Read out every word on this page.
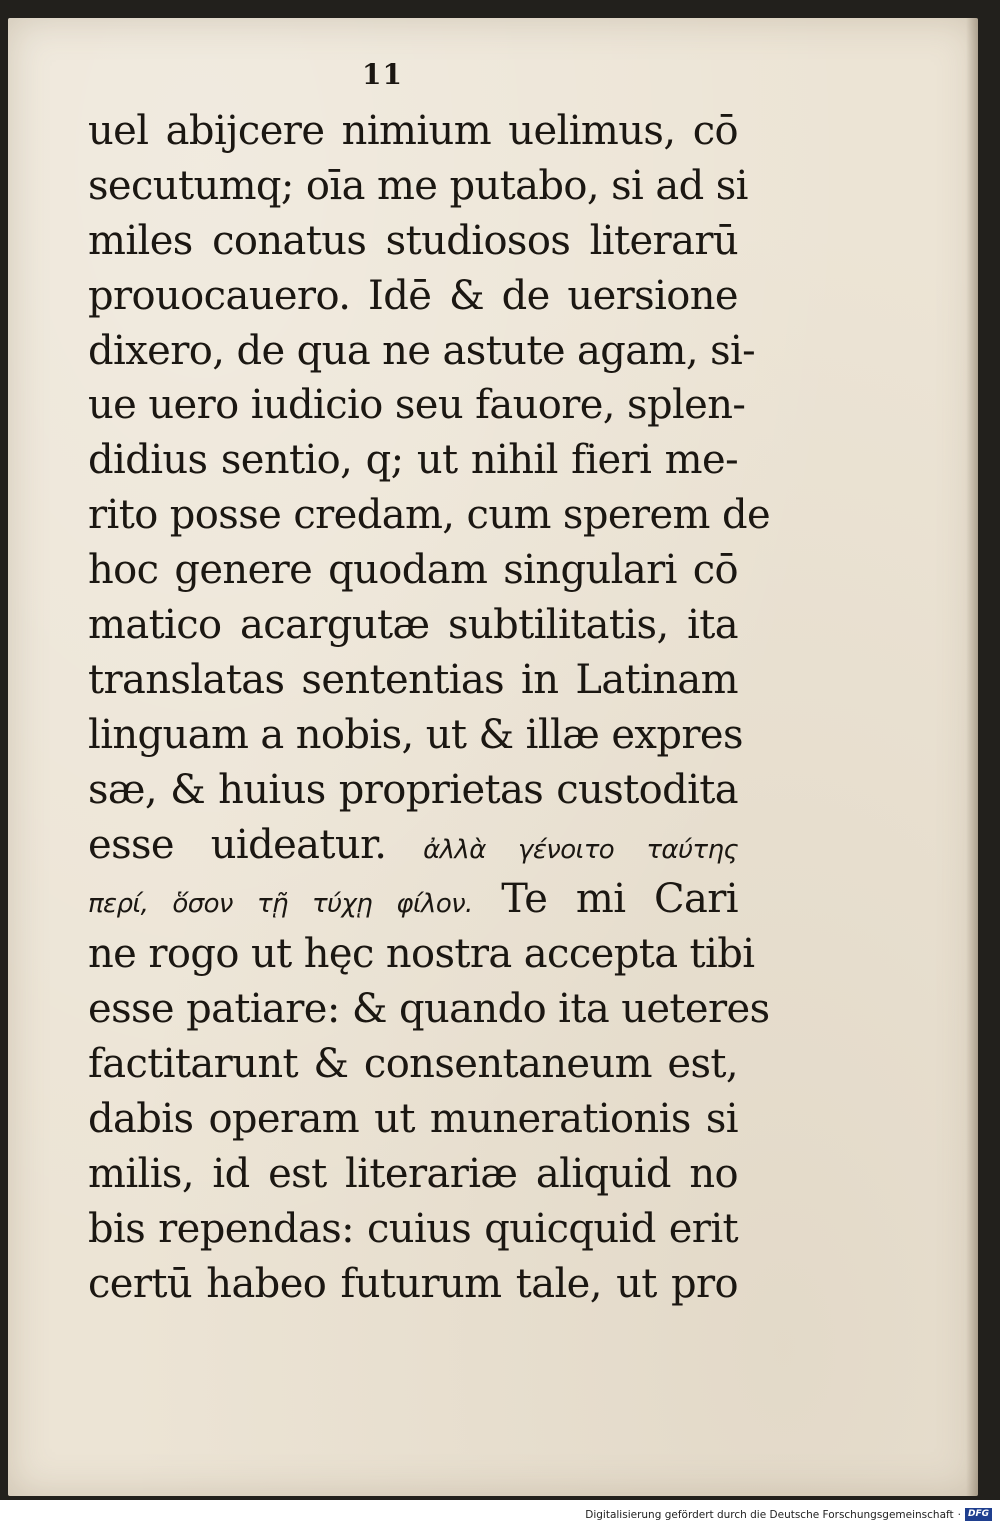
11
uel abijcere nimium uelimus, cō
secutumq; oīa me putabo, si ad si
miles conatus studiosos literarū
prouocauero. Idē & de uersione
dixero, de qua ne astute agam, si-
ue uero iudicio seu fauore, splen-
didius sentio, q; ut nihil fieri me-
rito posse credam, cum sperem de
hoc genere quodam singulari cō
matico acargutæ subtilitatis, ita
translatas sententias in Latinam
linguam a nobis, ut & illæ expres
sæ, & huius proprietas custodita
esse uideatur. ἀλλὰ γένοιτο ταύτης
περί, ὅσον τῇ τύχῃ φίλον. Te mi Cari
ne rogo ut hęc nostra accepta tibi
esse patiare: & quando ita ueteres
factitarunt & consentaneum est,
dabis operam ut munerationis si
milis, id est literariæ aliquid no
bis rependas: cuius quicquid erit
certū habeo futurum tale, ut pro
Digitalisierung gefördert durch die Deutsche Forschungsgemeinschaft · DFG
